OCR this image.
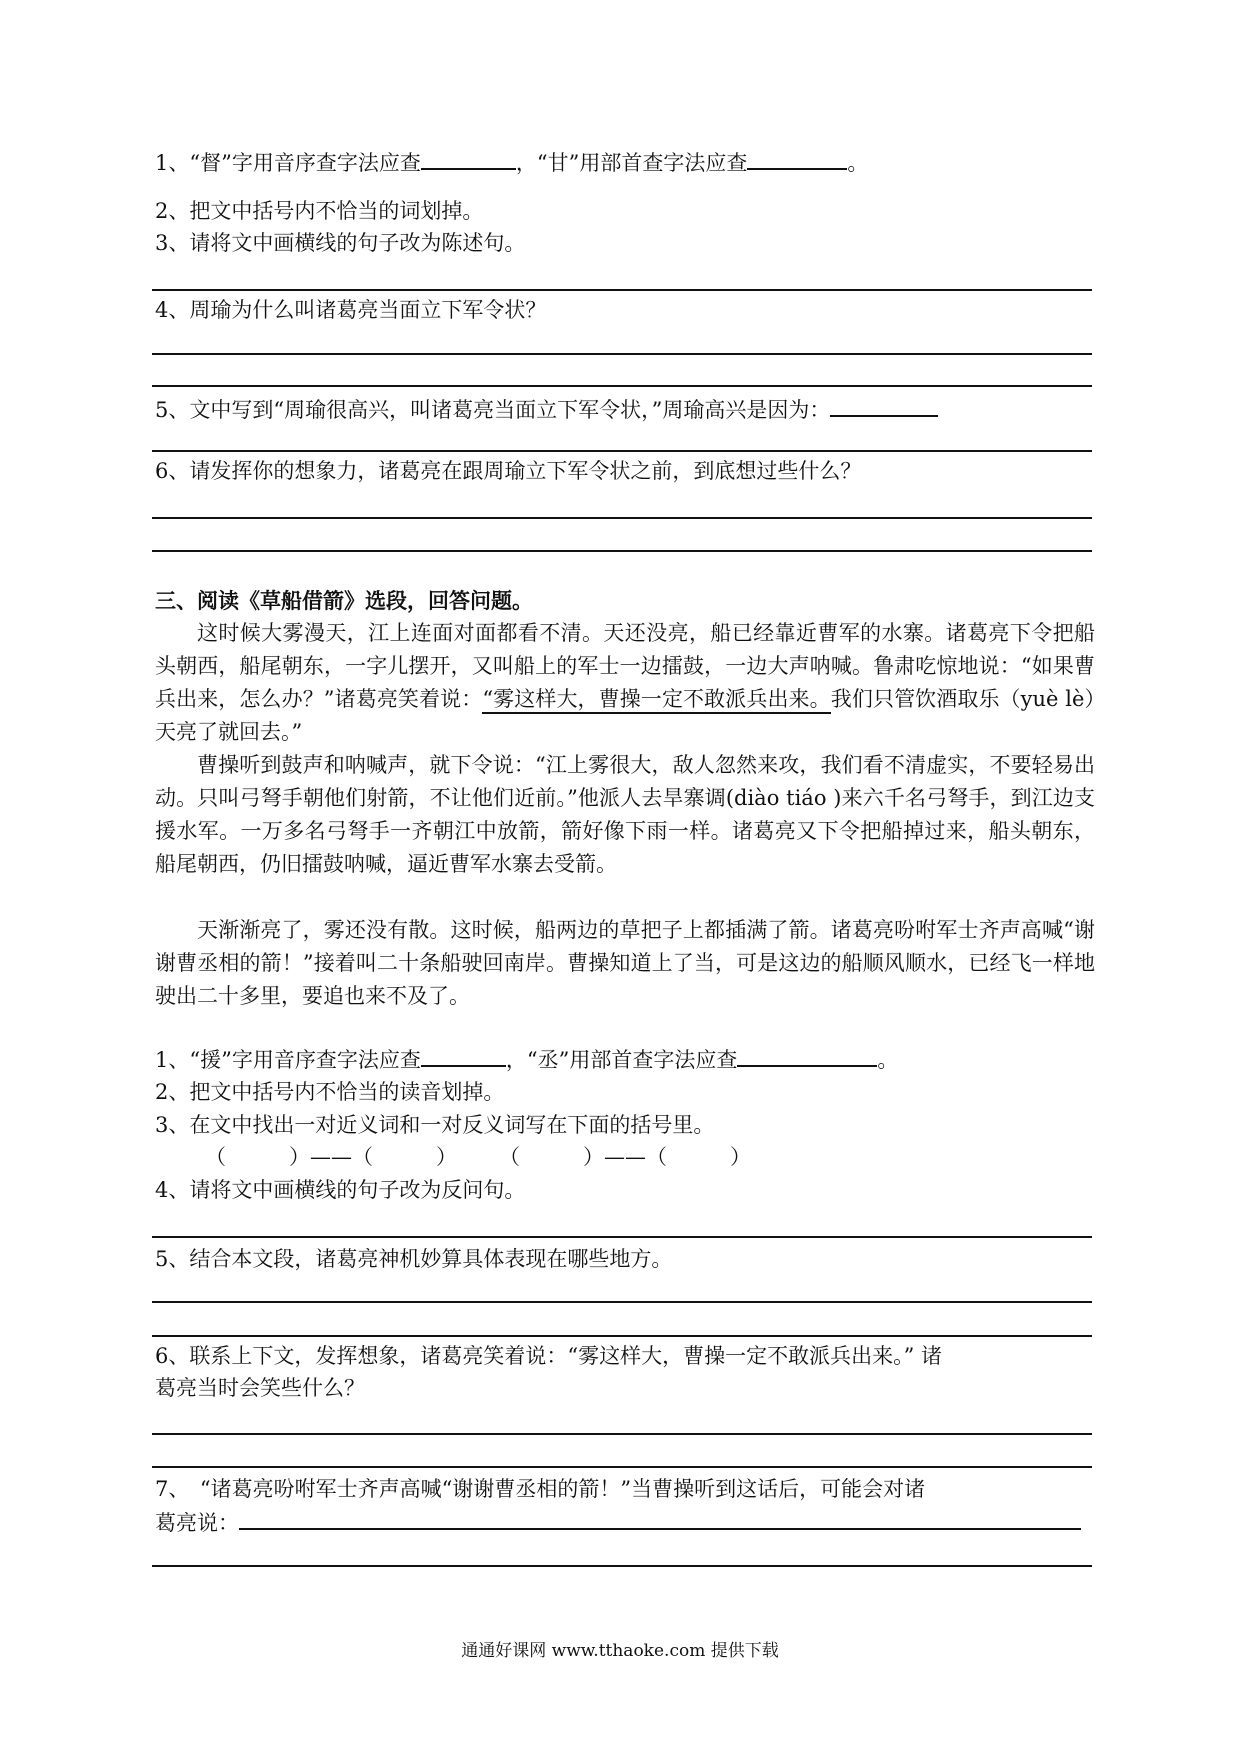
1、“督”字用音序查字法应查	，“甘”用部首查字法应查	。
2、把文中括号内不恰当的词划掉。
3、请将文中画横线的句子改为陈述句。
4、周瑜为什么叫诸葛亮当面立下军令状？
5、文中写到“周瑜很高兴，叫诸葛亮当面立下军令状，”周瑜高兴是因为：
6、请发挥你的想象力，诸葛亮在跟周瑜立下军令状之前，到底想过些什么？
三、阅读《草船借箭》选段，回答问题。
这时候大雾漫天，江上连面对面都看不清。天还没亮，船已经靠近曹军的水寨。诸葛亮下令把船头朝西，船尾朝东，一字儿摆开，又叫船上的军士一边擂鼓，一边大声呐喊。鲁肃吃惊地说：“如果曹兵出来，怎么办？”诸葛亮笑着说：“雾这样大，曹操一定不敢派兵出来。我们只管饮酒取乐（yuè lè）天亮了就回去。”
曹操听到鼓声和呐喊声，就下令说：“江上雾很大，敌人忽然来攻，我们看不清虚实，不要轻易出动。只叫弓弩手朝他们射箭，不让他们近前。”他派人去旱寨调(diào tiáo )来六千名弓弩手，到江边支援水军。一万多名弓弩手一齐朝江中放箭，箭好像下雨一样。诸葛亮又下令把船掉过来，船头朝东，船尾朝西，仍旧擂鼓呐喊，逼近曹军水寨去受箭。
天渐渐亮了，雾还没有散。这时候，船两边的草把子上都插满了箭。诸葛亮吩咐军士齐声高喊“谢谢曹丞相的箭！”接着叫二十条船驶回南岸。曹操知道上了当，可是这边的船顺风顺水，已经飞一样地驶出二十多里，要追也来不及了。
1、“援”字用音序查字法应查	，“丞”用部首查字法应查	。
2、把文中括号内不恰当的读音划掉。
3、在文中找出一对近义词和一对反义词写在下面的括号里。
（　　　）——（　　　）　　　（　　　）——（　　　）
4、请将文中画横线的句子改为反问句。
5、结合本文段，诸葛亮神机妙算具体表现在哪些地方。
6、联系上下文，发挥想象，诸葛亮笑着说：“雾这样大，曹操一定不敢派兵出来。” 诸
葛亮当时会笑些什么？
7、　“诸葛亮吩咐军士齐声高喊“谢谢曹丞相的箭！”当曹操听到这话后，可能会对诸
葛亮说：
通通好课网 www.tthaoke.com 提供下载
